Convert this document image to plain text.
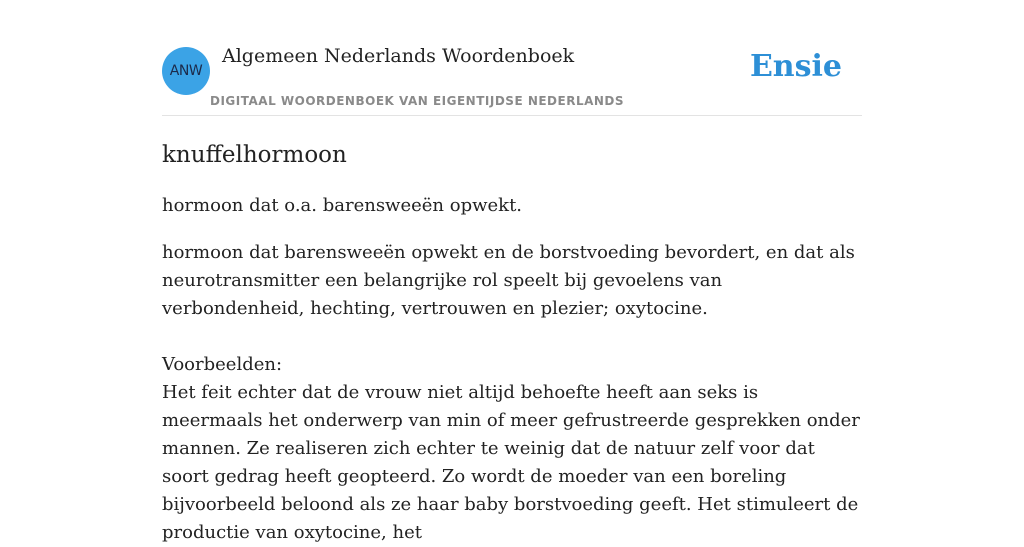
ANW
Algemeen Nederlands Woordenboek
DIGITAAL WOORDENBOEK VAN EIGENTIJDSE NEDERLANDS
Ensie
knuffelhormoon

hormoon dat o.a. barensweeën opwekt.

hormoon dat barensweeën opwekt en de borstvoeding bevordert, en dat als neurotransmitter een belangrijke rol speelt bij gevoelens van verbondenheid, hechting, vertrouwen en plezier; oxytocine.

Voorbeelden:

Het feit echter dat de vrouw niet altijd behoefte heeft aan seks is meermaals het onderwerp van min of meer gefrustreerde gesprekken onder mannen. Ze realiseren zich echter te weinig dat de natuur zelf voor dat soort gedrag heeft geopteerd. Zo wordt de moeder van een boreling bijvoorbeeld beloond als ze haar baby borstvoeding geeft. Het stimuleert de productie van oxytocine, het
